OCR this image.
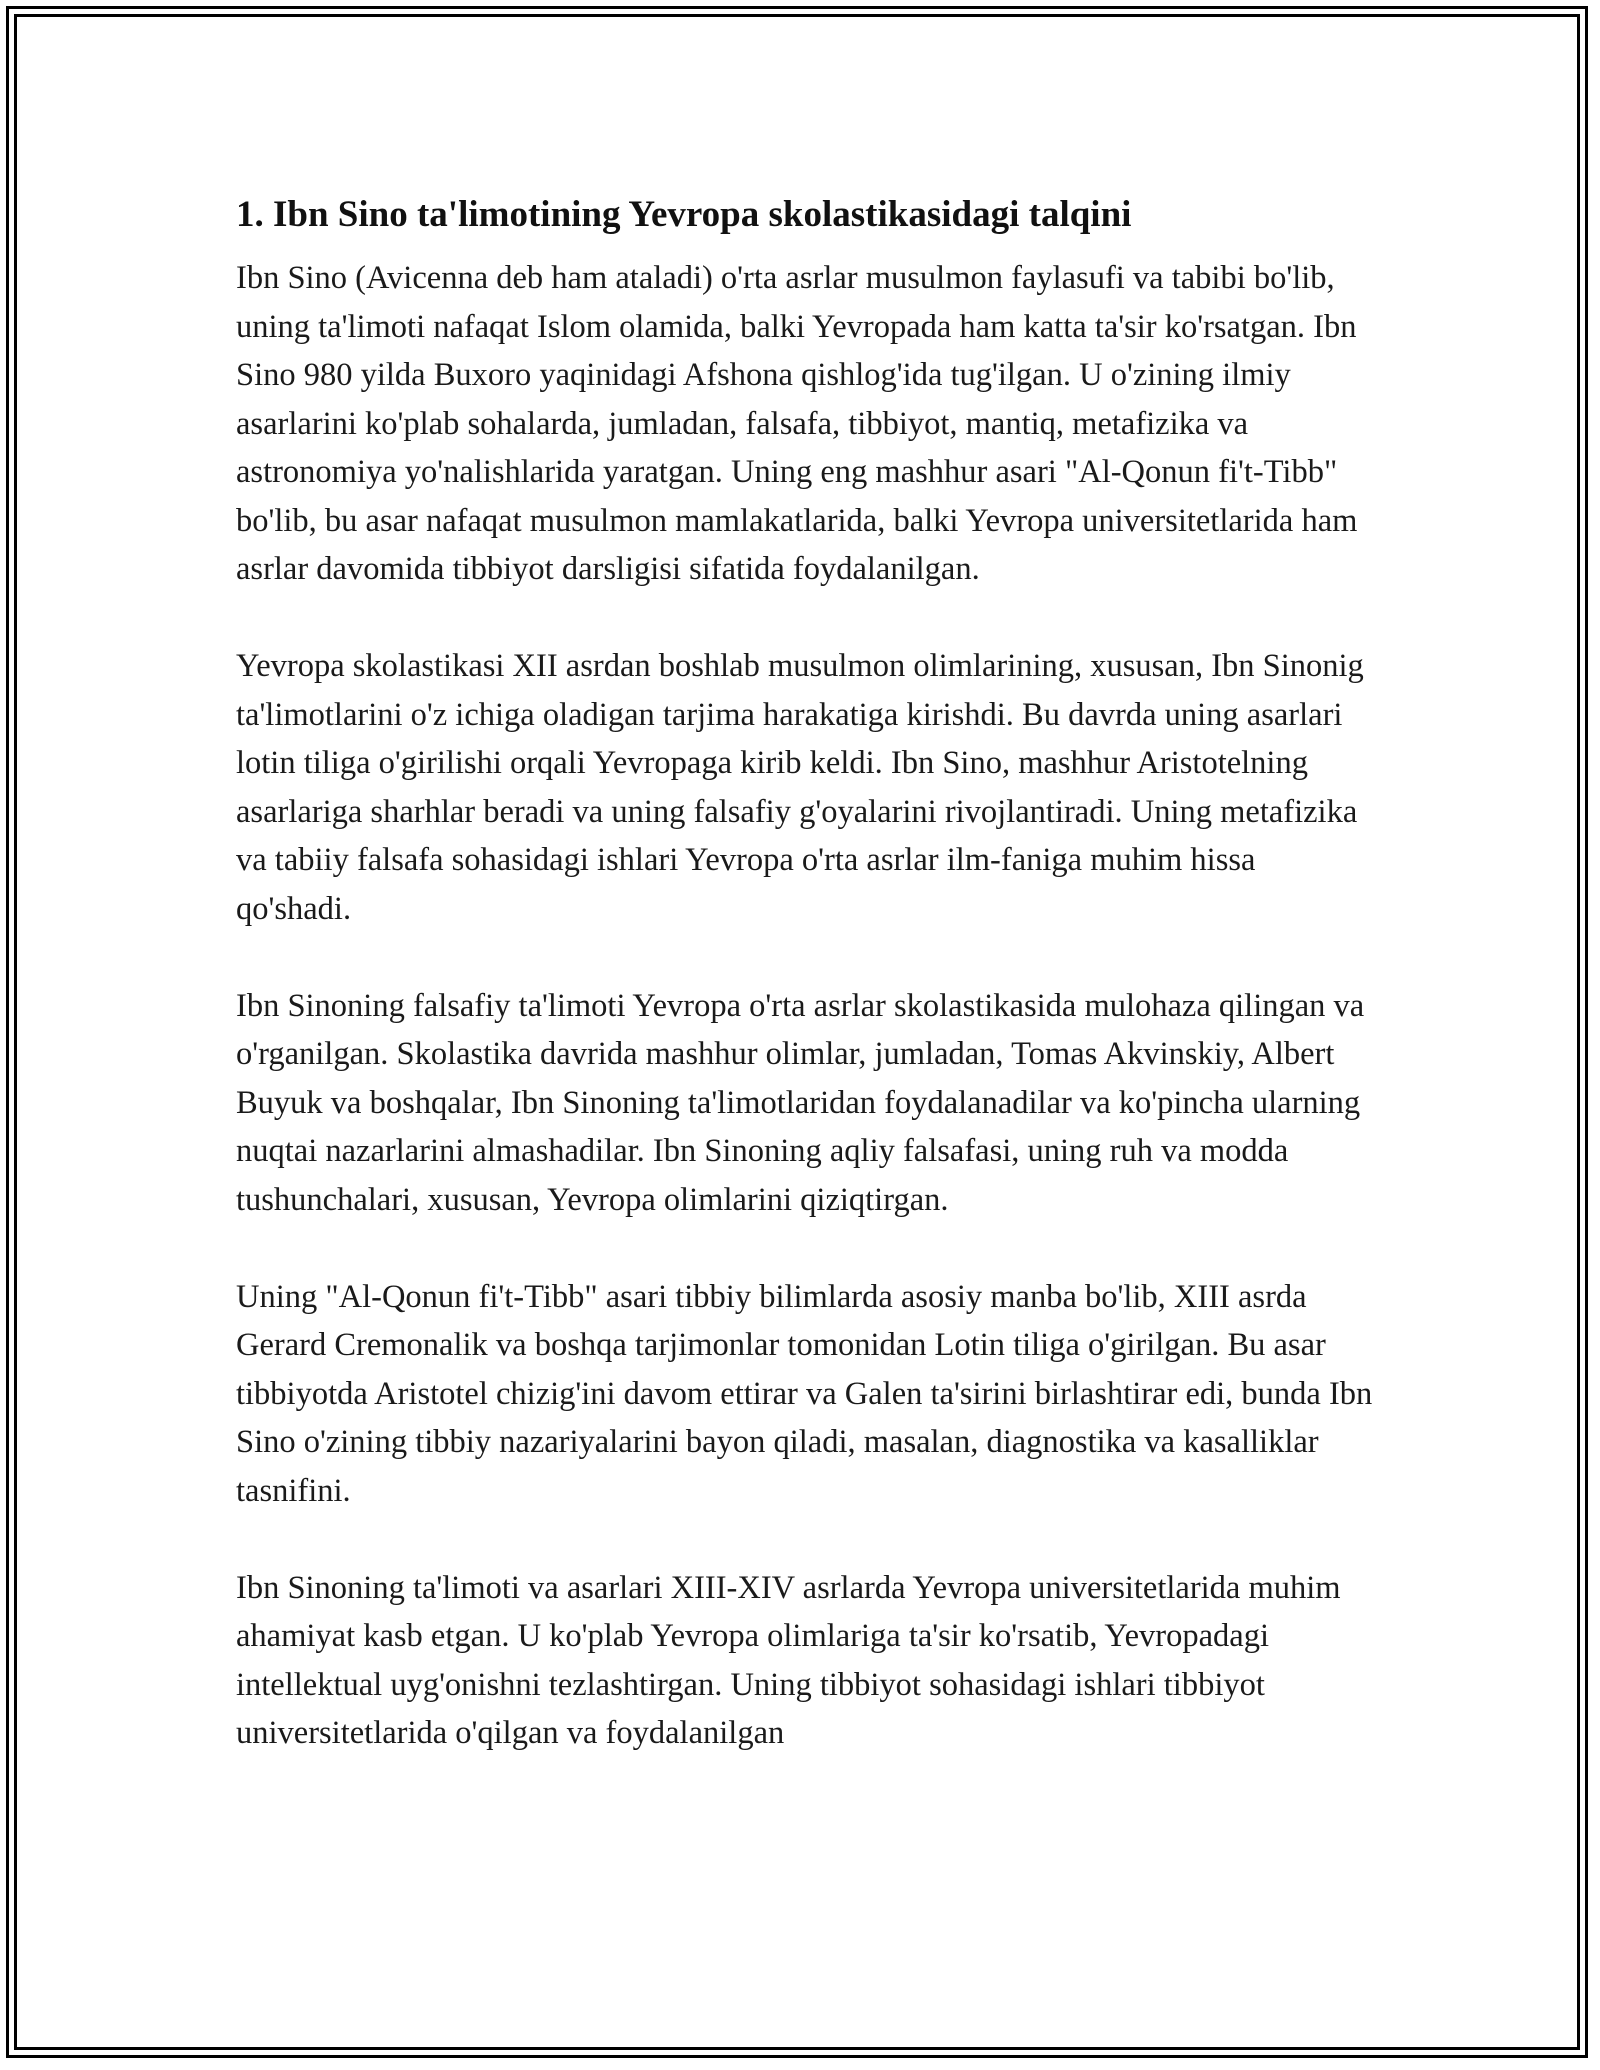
1. Ibn Sino ta'limotining Yevropa skolastikasidagi talqini

Ibn Sino (Avicenna deb ham ataladi) o'rta asrlar musulmon faylasufi va tabibi bo'lib, uning ta'limoti nafaqat Islom olamida, balki Yevropada ham katta ta'sir ko'rsatgan. Ibn Sino 980 yilda Buxoro yaqinidagi Afshona qishlog'ida tug'ilgan. U o'zining ilmiy asarlarini ko'plab sohalarda, jumladan, falsafa, tibbiyot, mantiq, metafizika va astronomiya yo'nalishlarida yaratgan. Uning eng mashhur asari "Al-Qonun fi't-Tibb" bo'lib, bu asar nafaqat musulmon mamlakatlarida, balki Yevropa universitetlarida ham asrlar davomida tibbiyot darsligisi sifatida foydalanilgan.

Yevropa skolastikasi XII asrdan boshlab musulmon olimlarining, xususan, Ibn Sinonig ta'limotlarini o'z ichiga oladigan tarjima harakatiga kirishdi. Bu davrda uning asarlari lotin tiliga o'girilishi orqali Yevropaga kirib keldi. Ibn Sino, mashhur Aristotelning asarlariga sharhlar beradi va uning falsafiy g'oyalarini rivojlantiradi. Uning metafizika va tabiiy falsafa sohasidagi ishlari Yevropa o'rta asrlar ilm-faniga muhim hissa qo'shadi.

Ibn Sinoning falsafiy ta'limoti Yevropa o'rta asrlar skolastikasida mulohaza qilingan va o'rganilgan. Skolastika davrida mashhur olimlar, jumladan, Tomas Akvinskiy, Albert Buyuk va boshqalar, Ibn Sinoning ta'limotlaridan foydalanadilar va ko'pincha ularning nuqtai nazarlarini almashadilar. Ibn Sinoning aqliy falsafasi, uning ruh va modda tushunchalari, xususan, Yevropa olimlarini qiziqtirgan.

Uning "Al-Qonun fi't-Tibb" asari tibbiy bilimlarda asosiy manba bo'lib, XIII asrda Gerard Cremonalik va boshqa tarjimonlar tomonidan Lotin tiliga o'girilgan. Bu asar tibbiyotda Aristotel chizig'ini davom ettirar va Galen ta'sirini birlashtirar edi, bunda Ibn Sino o'zining tibbiy nazariyalarini bayon qiladi, masalan, diagnostika va kasalliklar tasnifini.

Ibn Sinoning ta'limoti va asarlari XIII-XIV asrlarda Yevropa universitetlarida muhim ahamiyat kasb etgan. U ko'plab Yevropa olimlariga ta'sir ko'rsatib, Yevropadagi intellektual uyg'onishni tezlashtirgan. Uning tibbiyot sohasidagi ishlari tibbiyot universitetlarida o'qilgan va foydalanilgan
